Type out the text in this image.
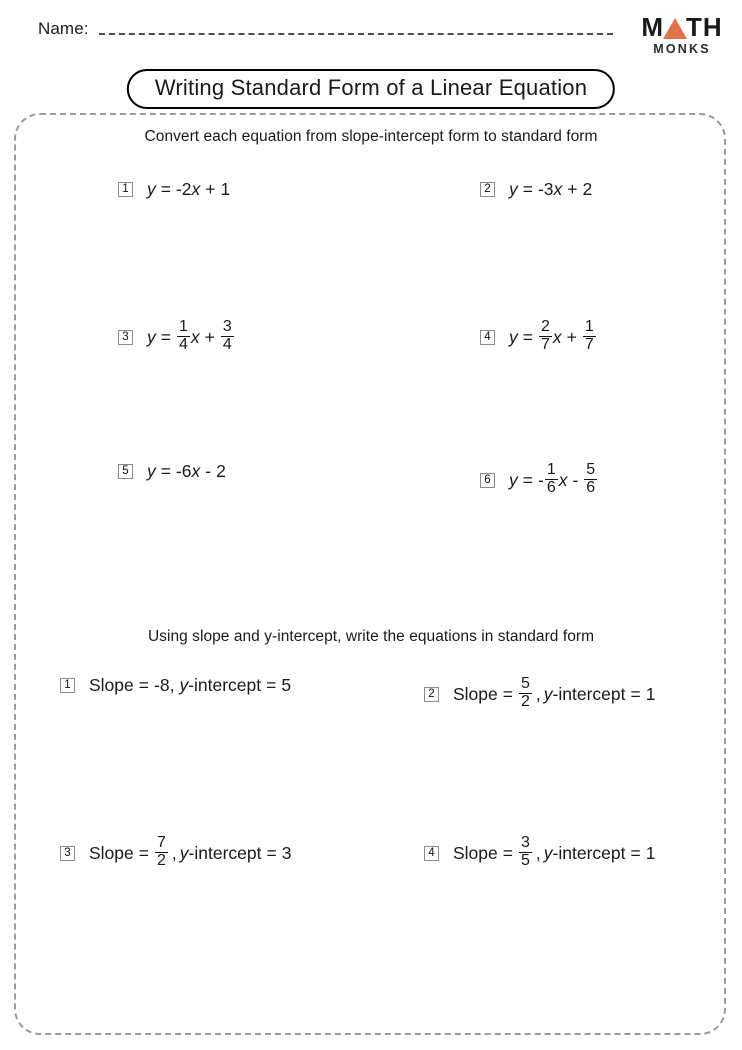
Name:	M TH
MONKS
Writing Standard Form of a Linear Equation
Convert each equation from slope-intercept form to standard form
1 y = -2 x + 1	2 y = -3 x + 2
3 $y = \frac{1}{4}$ $x + \frac{3}{4}$	4 $y = \frac{2}{7}$ $x + \frac{1}{7}$
5 y = -6 x - 2	6 y = - $\frac{1}{6}$ x - $\frac{5}{6}$
Using slope and y-intercept, write the equations in standard form
1 Slope = -8 , y -intercept = 5	2 Slope = $\frac{5}{2}$ , y -intercept = 1
3 Slope = $\frac{7}{2}$ , y -intercept = 3	4 Slope = $\frac{3}{5}$ , y -intercept = 1
